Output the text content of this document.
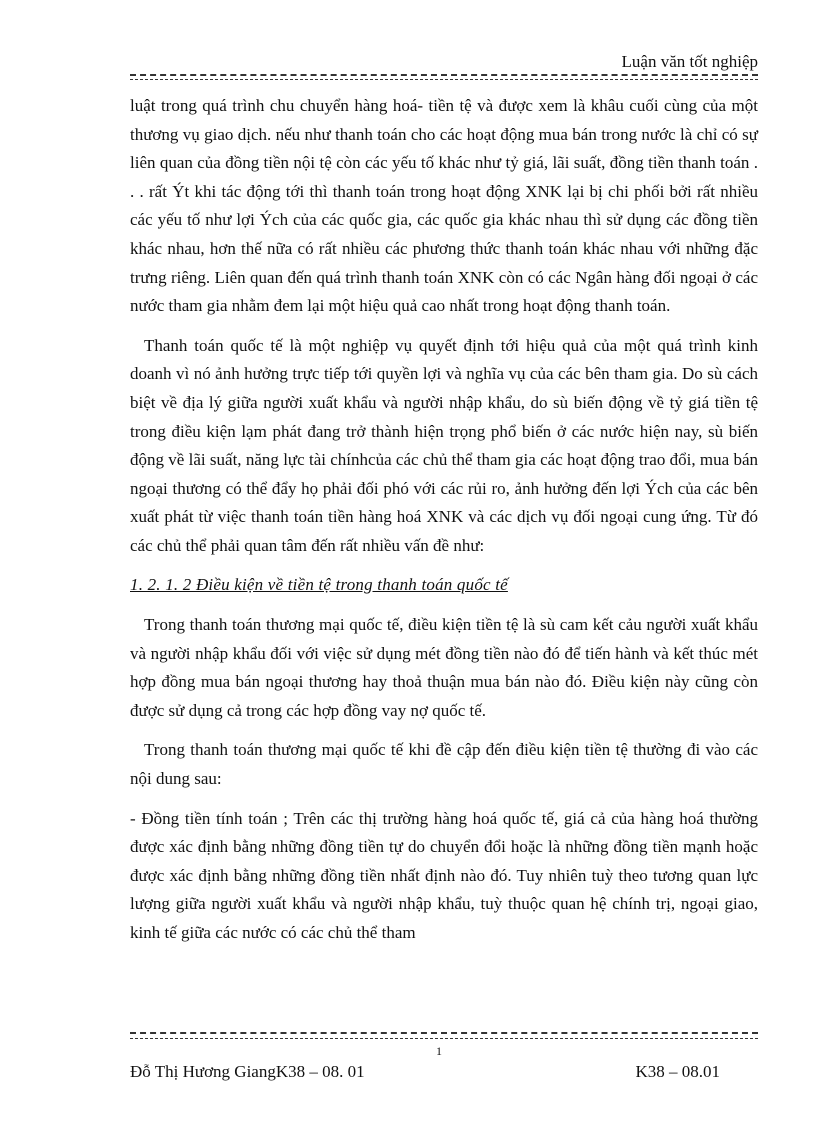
Luận văn tốt nghiệp

luật trong quá trình chu chuyển hàng hoá- tiền tệ và được xem là khâu cuối cùng của một thương vụ giao dịch. nếu như thanh toán cho các hoạt động mua bán trong nước là chỉ có sự liên quan của đồng tiền nội tệ còn các yếu tố khác như tỷ giá, lãi suất, đồng tiền thanh toán . . . rất Ýt khi tác động tới thì thanh toán trong hoạt động XNK lại bị chi phối bởi rất nhiều các yếu tố như lợi Ých của các quốc gia, các quốc gia khác nhau thì sử dụng các đồng tiền khác nhau, hơn thế nữa có rất nhiều các phương thức thanh toán khác nhau với những đặc trưng riêng. Liên quan đến quá trình thanh toán XNK còn có các Ngân hàng đối ngoại ở các nước tham gia nhằm đem lại một hiệu quả cao nhất trong hoạt động thanh toán.

Thanh toán quốc tế là một nghiệp vụ quyết định tới hiệu quả của một quá trình kinh doanh vì nó ảnh hưởng trực tiếp tới quyền lợi và nghĩa vụ của các bên tham gia. Do sù cách biệt về địa lý giữa người xuất khẩu và người nhập khẩu, do sù biến động về tỷ giá tiền tệ trong điều kiện lạm phát đang trở thành hiện trọng phổ biến ở các nước hiện nay, sù biến động về lãi suất, năng lực tài chínhcủa các chủ thể tham gia các hoạt động trao đổi, mua bán ngoại thương có thể đẩy họ phải đối phó với các rủi ro, ảnh hưởng đến lợi Ých của các bên xuất phát từ việc thanh toán tiền hàng hoá XNK và các dịch vụ đối ngoại cung ứng. Từ đó các chủ thể phải quan tâm đến rất nhiều vấn đề như:

1. 2. 1. 2 Điều kiện về tiền tệ trong thanh toán quốc tế

Trong thanh toán thương mại quốc tế, điều kiện tiền tệ là sù cam kết cảu người xuất khẩu và người nhập khẩu đối với việc sử dụng mét đồng tiền nào đó để tiến hành và kết thúc mét hợp đồng mua bán ngoại thương hay thoả thuận mua bán nào đó. Điều kiện này cũng còn được sử dụng cả trong các hợp đồng vay nợ quốc tế.

Trong thanh toán thương mại quốc tế khi đề cập đến điều kiện tiền tệ thường đi vào các nội dung sau:

- Đồng tiền tính toán ; Trên các thị trường hàng hoá quốc tế, giá cả của hàng hoá thường được xác định bằng những đồng tiền tự do chuyển đổi hoặc là những đồng tiền mạnh hoặc được xác định bằng những đồng tiền nhất định nào đó. Tuy nhiên tuỳ theo tương quan lực lượng giữa người xuất khẩu và người nhập khẩu, tuỳ thuộc quan hệ chính trị, ngoại giao, kinh tế giữa các nước có các chủ thể tham

1
Đỗ Thị Hương GiangK38 – 08. 01	K38 – 08.01
